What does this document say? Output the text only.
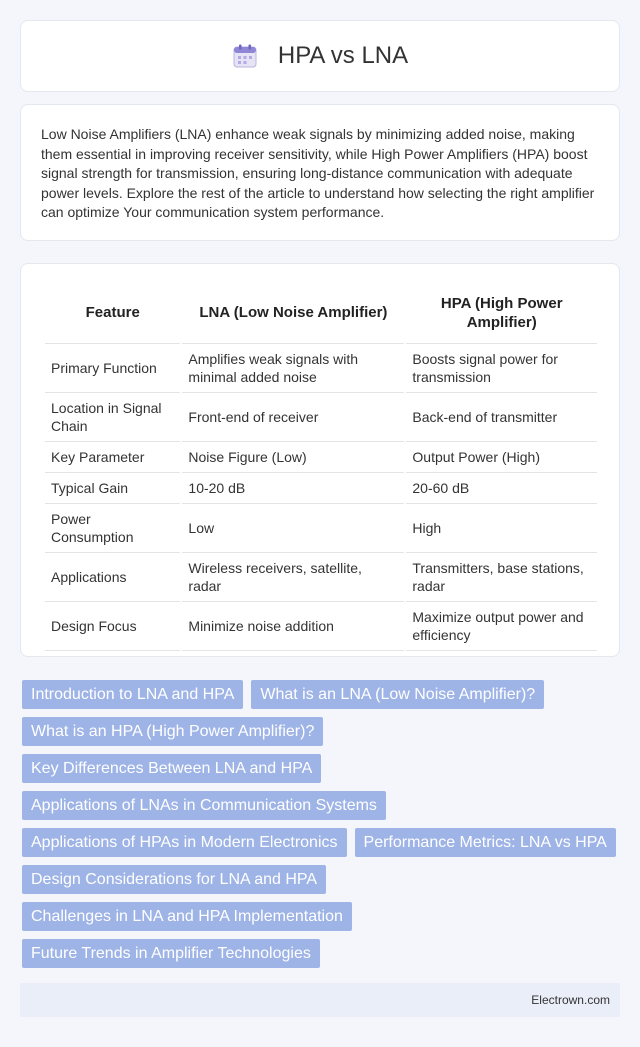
HPA vs LNA

Low Noise Amplifiers (LNA) enhance weak signals by minimizing added noise, making them essential in improving receiver sensitivity, while High Power Amplifiers (HPA) boost signal strength for transmission, ensuring long-distance communication with adequate power levels. Explore the rest of the article to understand how selecting the right amplifier can optimize Your communication system performance.

Feature	LNA (Low Noise Amplifier)	HPA (High Power Amplifier)
Primary Function	Amplifies weak signals with minimal added noise	Boosts signal power for transmission
Location in Signal Chain	Front-end of receiver	Back-end of transmitter
Key Parameter	Noise Figure (Low)	Output Power (High)
Typical Gain	10-20 dB	20-60 dB
Power Consumption	Low	High
Applications	Wireless receivers, satellite, radar	Transmitters, base stations, radar
Design Focus	Minimize noise addition	Maximize output power and efficiency
Introduction to LNA and HPA	What is an LNA (Low Noise Amplifier)?
What is an HPA (High Power Amplifier)?
Key Differences Between LNA and HPA
Applications of LNAs in Communication Systems
Applications of HPAs in Modern Electronics	Performance Metrics: LNA vs HPA
Design Considerations for LNA and HPA
Challenges in LNA and HPA Implementation
Future Trends in Amplifier Technologies
Electrown.com
